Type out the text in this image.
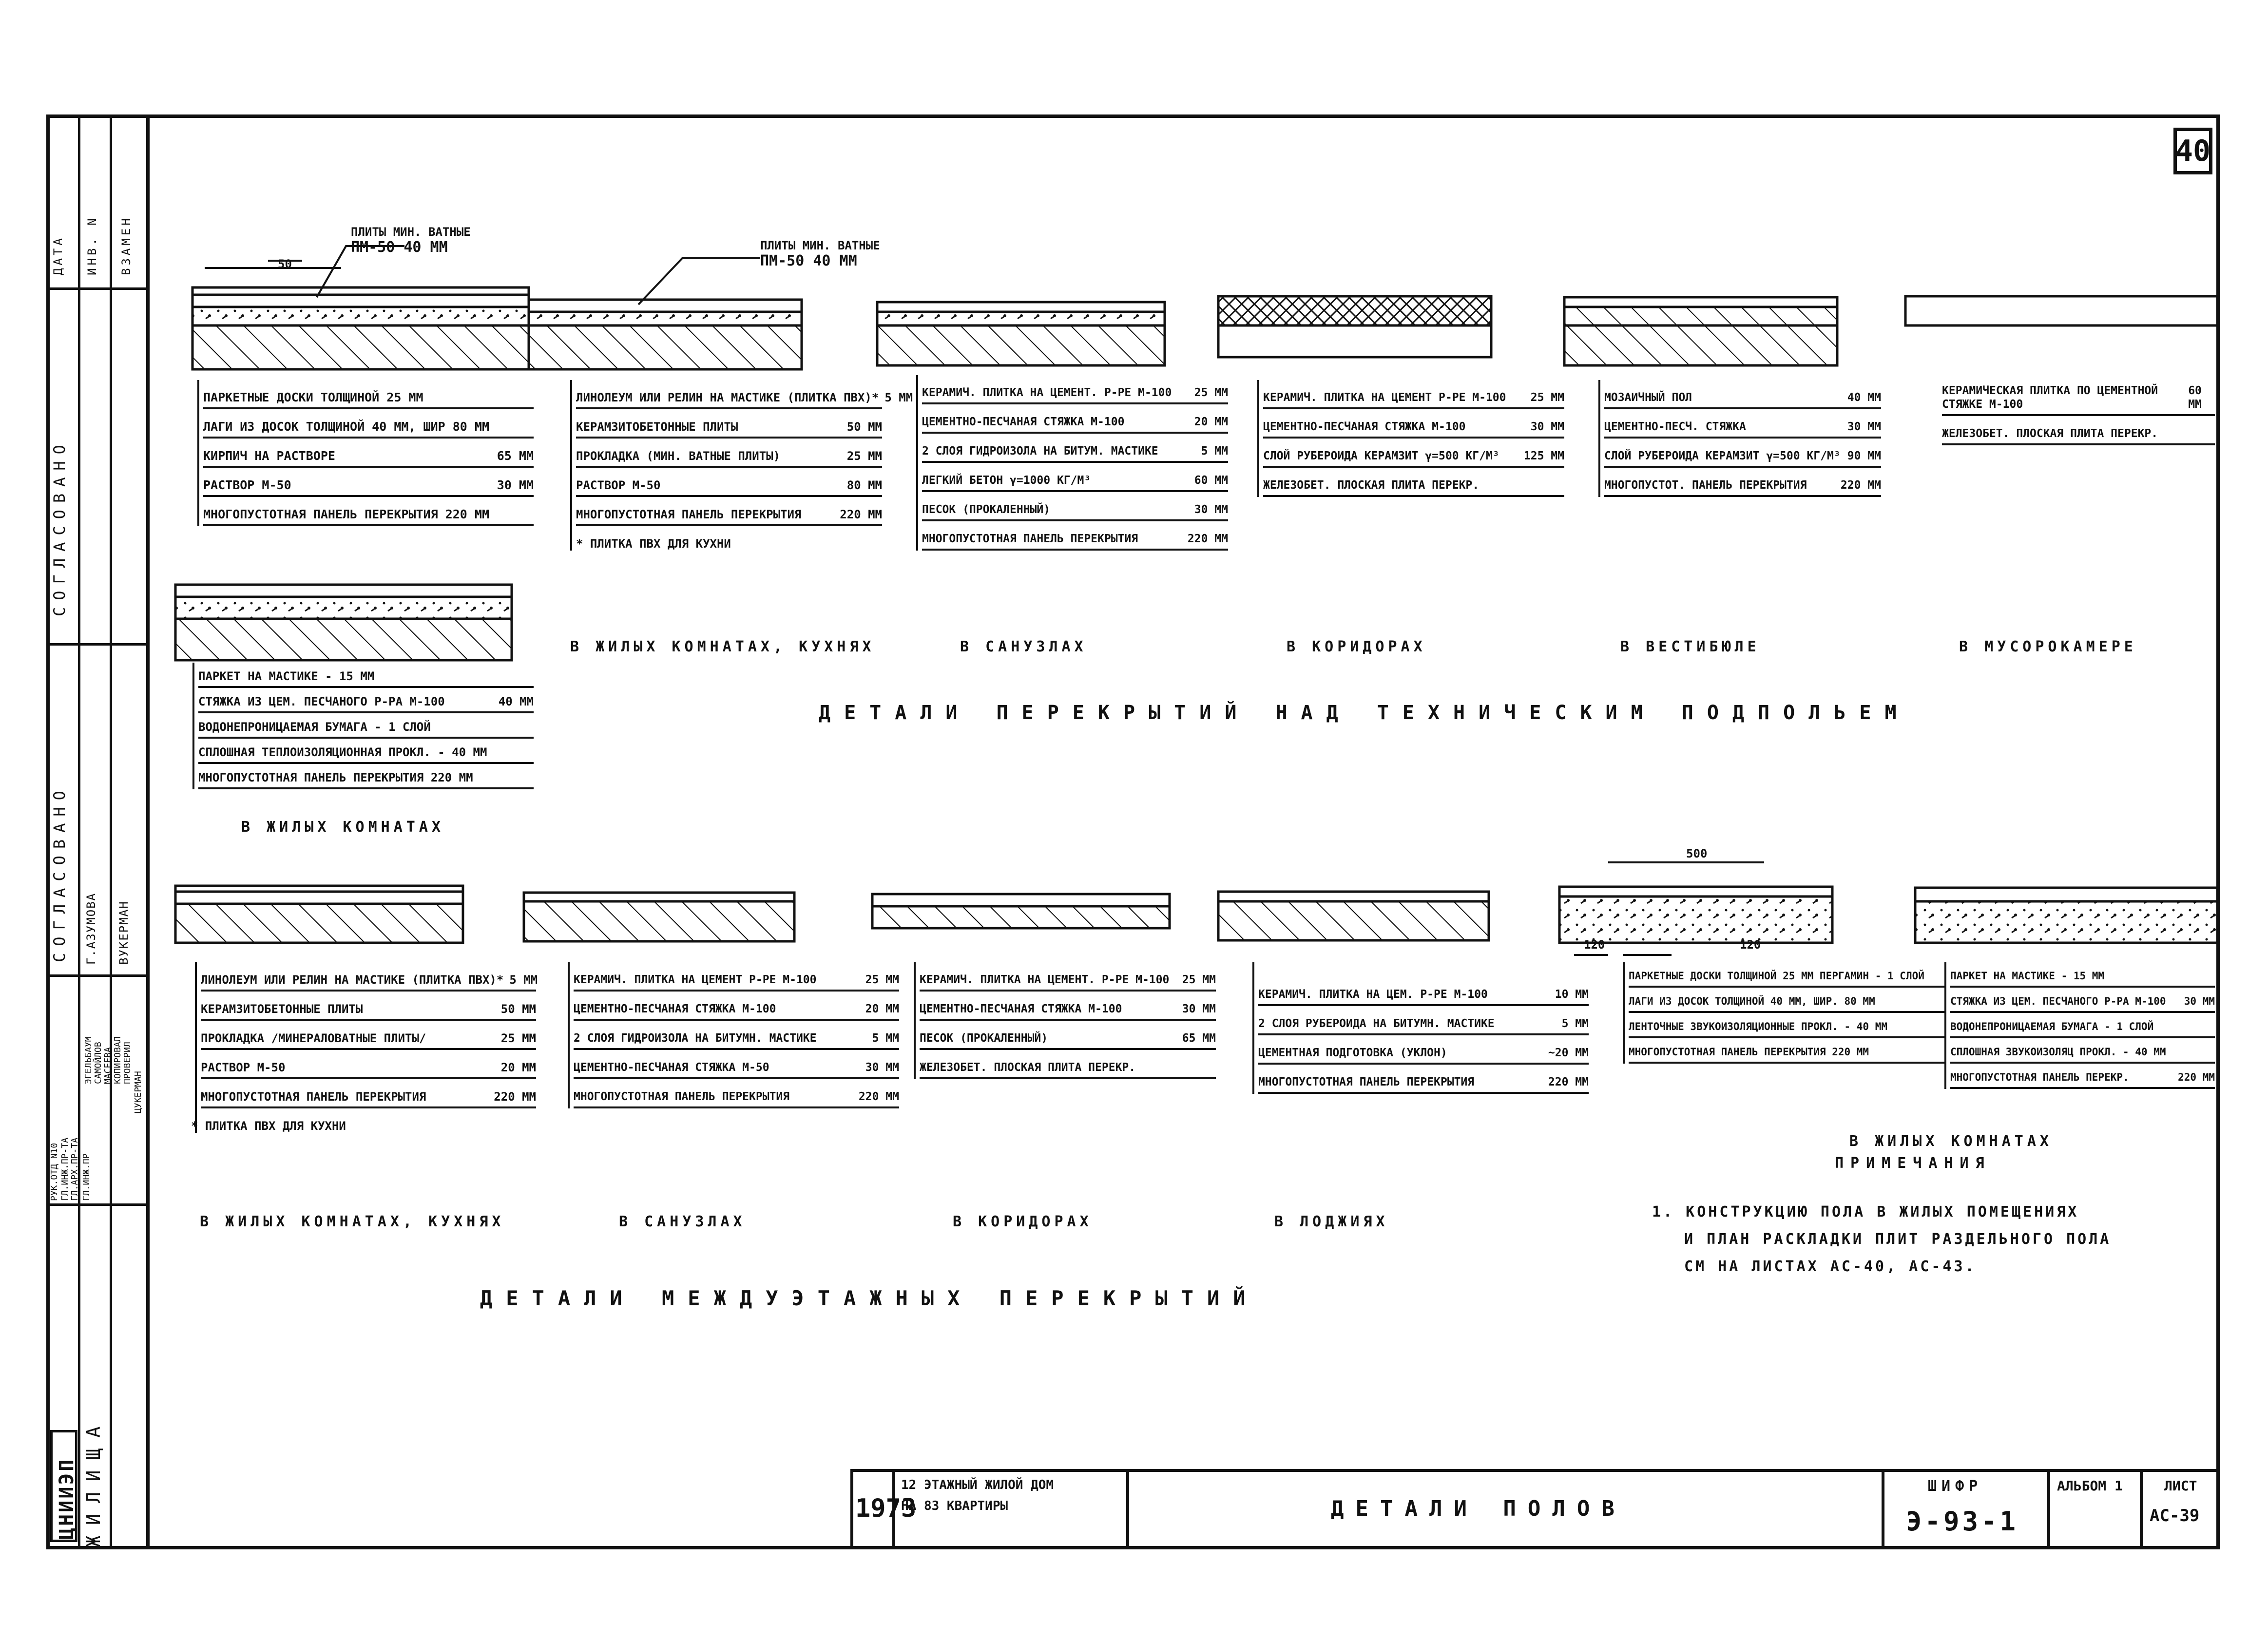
40
ДАТА ИНВ. N ВЗАМЕН
СОГЛАСОВАНО
СОГЛАСОВАНО Г.АЗУМОВА ВУКЕРМАН
РУК.ОТД N10 ГЛ.ИНЖ.ПР-ТА ГЛ.АРХ.ПР-ТА ГЛ.ИНЖ.ПР
ЭГЕЛЬБАУМ САМОЙЛОВ МАСЕЕВА КОПИРОВАЛ ПРОВЕРИЛ
ЦУКЕРМАН
ЦНИИЭП ЖИЛИЩА
ПЛИТЫ МИН. ВАТНЫЕ
ПМ-50 40 ММ	ПЛИТЫ МИН. ВАТНЫЕ
ПМ-50 40 ММ
50
500
120	120
ПАРКЕТНЫЕ ДОСКИ ТОЛЩИНОЙ 25 ММ
ЛАГИ ИЗ ДОСОК ТОЛЩИНОЙ 40 ММ, ШИР 80 ММ
КИРПИЧ НА РАСТВОРЕ	65 ММ
РАСТВОР М-50	30 ММ
МНОГОПУСТОТНАЯ ПАНЕЛЬ ПЕРЕКРЫТИЯ 220 ММ
ЛИНОЛЕУМ ИЛИ РЕЛИН НА МАСТИКЕ (ПЛИТКА ПВХ)* 5 ММ
КЕРАМЗИТОБЕТОННЫЕ ПЛИТЫ	50 ММ
ПРОКЛАДКА (МИН. ВАТНЫЕ ПЛИТЫ)	25 ММ
РАСТВОР М-50	80 ММ
МНОГОПУСТОТНАЯ ПАНЕЛЬ ПЕРЕКРЫТИЯ	220 ММ
* ПЛИТКА ПВХ ДЛЯ КУХНИ
КЕРАМИЧ. ПЛИТКА НА ЦЕМЕНТ. Р-РЕ М-100 25 ММ
ЦЕМЕНТНО-ПЕСЧАНАЯ СТЯЖКА М-100	20 ММ
2 СЛОЯ ГИДРОИЗОЛА НА БИТУМ. МАСТИКЕ	5 ММ
ЛЕГКИЙ БЕТОН γ=1000 КГ/М³	60 ММ
ПЕСОК (ПРОКАЛЕННЫЙ)	30 ММ
МНОГОПУСТОТНАЯ ПАНЕЛЬ ПЕРЕКРЫТИЯ	220 ММ
КЕРАМИЧ. ПЛИТКА НА ЦЕМЕНТ Р-РЕ М-100 25 ММ
ЦЕМЕНТНО-ПЕСЧАНАЯ СТЯЖКА М-100	30 ММ
СЛОЙ РУБЕРОИДА КЕРАМЗИТ γ=500 КГ/М³ 125 ММ
ЖЕЛЕЗОБЕТ. ПЛОСКАЯ ПЛИТА ПЕРЕКР.
МОЗАИЧНЫЙ ПОЛ	40 ММ
ЦЕМЕНТНО-ПЕСЧ. СТЯЖКА	30 ММ
СЛОЙ РУБЕРОИДА КЕРАМЗИТ γ=500 КГ/М³ 90 ММ
МНОГОПУСТОТ. ПАНЕЛЬ ПЕРЕКРЫТИЯ	220 ММ
КЕРАМИЧЕСКАЯ ПЛИТКА ПО ЦЕМЕНТНОЙ СТЯЖКЕ М-100
60 ММ
ЖЕЛЕЗОБЕТ. ПЛОСКАЯ ПЛИТА ПЕРЕКР.
ПАРКЕТ НА МАСТИКЕ - 15 ММ
СТЯЖКА ИЗ ЦЕМ. ПЕСЧАНОГО Р-РА М-100	40 ММ
ВОДОНЕПРОНИЦАЕМАЯ БУМАГА - 1 СЛОЙ
СПЛОШНАЯ ТЕПЛОИЗОЛЯЦИОННАЯ ПРОКЛ. - 40 ММ
МНОГОПУСТОТНАЯ ПАНЕЛЬ ПЕРЕКРЫТИЯ 220 ММ
В ЖИЛЫХ КОМНАТАХ, КУХНЯХ	В САНУЗЛАХ	В КОРИДОРАХ	В ВЕСТИБЮЛЕ	В МУСОРОКАМЕРЕ
В ЖИЛЫХ КОМНАТАХ
ДЕТАЛИ ПЕРЕКРЫТИЙ НАД ТЕХНИЧЕСКИМ ПОДПОЛЬЕМ
ЛИНОЛЕУМ ИЛИ РЕЛИН НА МАСТИКЕ (ПЛИТКА ПВХ)* 5 ММ
КЕРАМЗИТОБЕТОННЫЕ ПЛИТЫ	50 ММ
ПРОКЛАДКА /МИНЕРАЛОВАТНЫЕ ПЛИТЫ/	25 ММ
РАСТВОР М-50	20 ММ
МНОГОПУСТОТНАЯ ПАНЕЛЬ ПЕРЕКРЫТИЯ	220 ММ
* ПЛИТКА ПВХ ДЛЯ КУХНИ
КЕРАМИЧ. ПЛИТКА НА ЦЕМЕНТ Р-РЕ М-100	25 ММ
ЦЕМЕНТНО-ПЕСЧАНАЯ СТЯЖКА М-100	20 ММ
2 СЛОЯ ГИДРОИЗОЛА НА БИТУМН. МАСТИКЕ	5 ММ
ЦЕМЕНТНО-ПЕСЧАНАЯ СТЯЖКА М-50	30 ММ
МНОГОПУСТОТНАЯ ПАНЕЛЬ ПЕРЕКРЫТИЯ	220 ММ
КЕРАМИЧ. ПЛИТКА НА ЦЕМЕНТ. Р-РЕ М-100 25 ММ
ЦЕМЕНТНО-ПЕСЧАНАЯ СТЯЖКА М-100	30 ММ
ПЕСОК (ПРОКАЛЕННЫЙ)	65 ММ
ЖЕЛЕЗОБЕТ. ПЛОСКАЯ ПЛИТА ПЕРЕКР.
КЕРАМИЧ. ПЛИТКА НА ЦЕМ. Р-РЕ М-100	10 ММ
2 СЛОЯ РУБЕРОИДА НА БИТУМН. МАСТИКЕ	5 ММ
ЦЕМЕНТНАЯ ПОДГОТОВКА (УКЛОН)	~20 ММ
МНОГОПУСТОТНАЯ ПАНЕЛЬ ПЕРЕКРЫТИЯ	220 ММ
ПАРКЕТНЫЕ ДОСКИ ТОЛЩИНОЙ 25 ММ ПЕРГАМИН - 1 СЛОЙ
ЛАГИ ИЗ ДОСОК ТОЛЩИНОЙ 40 ММ, ШИР. 80 ММ
ЛЕНТОЧНЫЕ ЗВУКОИЗОЛЯЦИОННЫЕ ПРОКЛ. - 40 ММ
МНОГОПУСТОТНАЯ ПАНЕЛЬ ПЕРЕКРЫТИЯ 220 ММ
ПАРКЕТ НА МАСТИКЕ - 15 ММ
СТЯЖКА ИЗ ЦЕМ. ПЕСЧАНОГО Р-РА М-100 30 ММ
ВОДОНЕПРОНИЦАЕМАЯ БУМАГА - 1 СЛОЙ
СПЛОШНАЯ ЗВУКОИЗОЛЯЦ ПРОКЛ. - 40 ММ
МНОГОПУСТОТНАЯ ПАНЕЛЬ ПЕРЕКР.	220 ММ
В ЖИЛЫХ КОМНАТАХ, КУХНЯХ	В САНУЗЛАХ	В КОРИДОРАХ	В ЛОДЖИЯХ
В ЖИЛЫХ КОМНАТАХ
ДЕТАЛИ МЕЖДУЭТАЖНЫХ ПЕРЕКРЫТИЙ
ПРИМЕЧАНИЯ
1. КОНСТРУКЦИЮ ПОЛА В ЖИЛЫХ ПОМЕЩЕНИЯХ
И ПЛАН РАСКЛАДКИ ПЛИТ РАЗДЕЛЬНОГО ПОЛА
СМ НА ЛИСТАХ АС-40, АС-43.
1973
12 ЭТАЖНЫЙ ЖИЛОЙ ДОМ
НА 83 КВАРТИРЫ	ДЕТАЛИ ПОЛОВ
ШИФР
Э-93-1
АЛЬБОМ 1	ЛИСТ
АС-39
